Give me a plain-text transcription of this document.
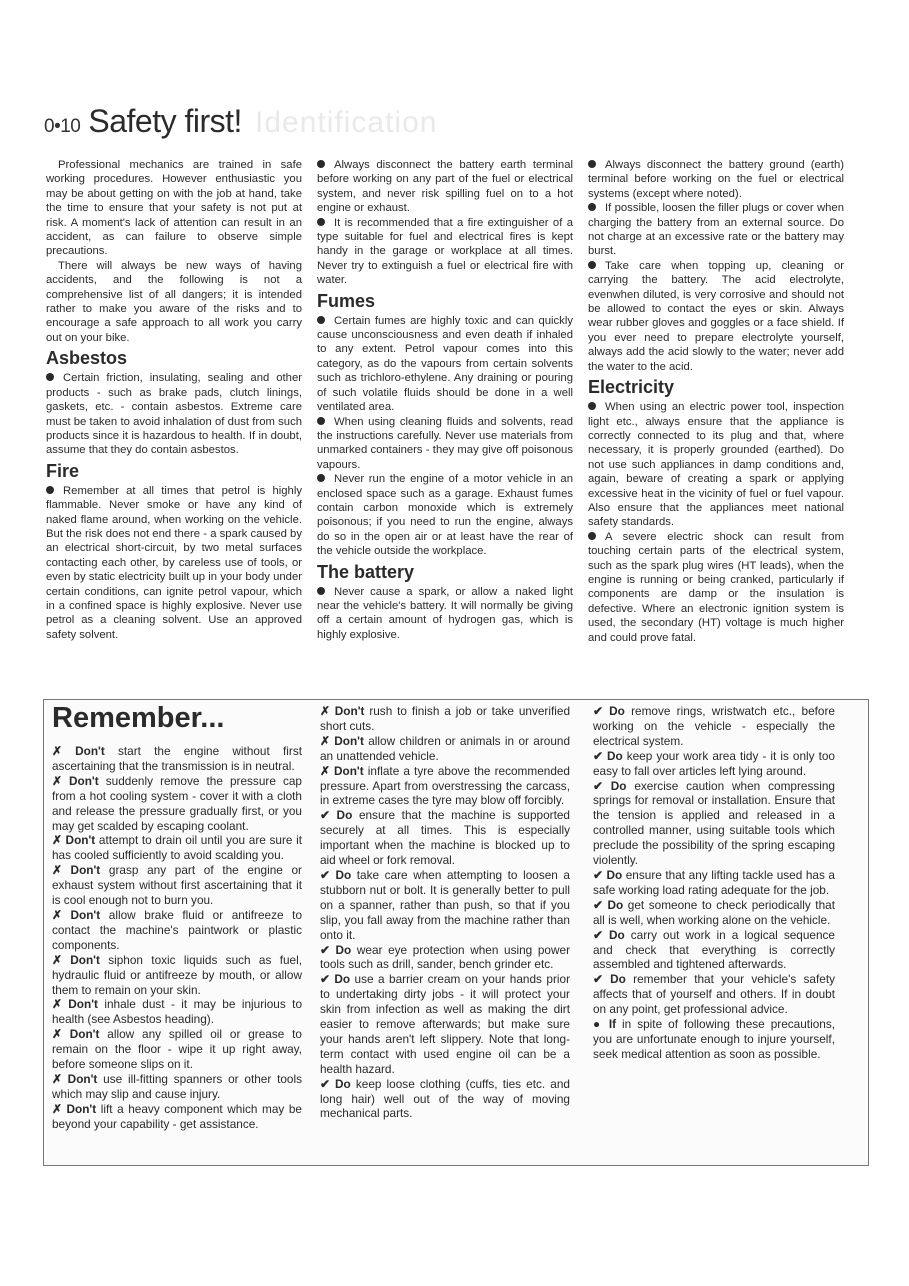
Identification
0•10 Safety first!

Professional mechanics are trained in safe working procedures. However enthusiastic you may be about getting on with the job at hand, take the time to ensure that your safety is not put at risk. A moment's lack of attention can result in an accident, as can failure to observe simple precautions.

There will always be new ways of having accidents, and the following is not a comprehensive list of all dangers; it is intended rather to make you aware of the risks and to encourage a safe approach to all work you carry out on your bike.

Asbestos

Certain friction, insulating, sealing and other products - such as brake pads, clutch linings, gaskets, etc. - contain asbestos. Extreme care must be taken to avoid inhalation of dust from such products since it is hazardous to health. If in doubt, assume that they do contain asbestos.

Fire

Remember at all times that petrol is highly flammable. Never smoke or have any kind of naked flame around, when working on the vehicle. But the risk does not end there - a spark caused by an electrical short-circuit, by two metal surfaces contacting each other, by careless use of tools, or even by static electricity built up in your body under certain conditions, can ignite petrol vapour, which in a confined space is highly explosive. Never use petrol as a cleaning solvent. Use an approved safety solvent.

Always disconnect the battery earth terminal before working on any part of the fuel or electrical system, and never risk spilling fuel on to a hot engine or exhaust.

It is recommended that a fire extinguisher of a type suitable for fuel and electrical fires is kept handy in the garage or workplace at all times. Never try to extinguish a fuel or electrical fire with water.

Fumes

Certain fumes are highly toxic and can quickly cause unconsciousness and even death if inhaled to any extent. Petrol vapour comes into this category, as do the vapours from certain solvents such as trichloro-ethylene. Any draining or pouring of such volatile fluids should be done in a well ventilated area.

When using cleaning fluids and solvents, read the instructions carefully. Never use materials from unmarked containers - they may give off poisonous vapours.

Never run the engine of a motor vehicle in an enclosed space such as a garage. Exhaust fumes contain carbon monoxide which is extremely poisonous; if you need to run the engine, always do so in the open air or at least have the rear of the vehicle outside the workplace.

The battery

Never cause a spark, or allow a naked light near the vehicle's battery. It will normally be giving off a certain amount of hydrogen gas, which is highly explosive.

Always disconnect the battery ground (earth) terminal before working on the fuel or electrical systems (except where noted).

If possible, loosen the filler plugs or cover when charging the battery from an external source. Do not charge at an excessive rate or the battery may burst.

Take care when topping up, cleaning or carrying the battery. The acid electrolyte, evenwhen diluted, is very corrosive and should not be allowed to contact the eyes or skin. Always wear rubber gloves and goggles or a face shield. If you ever need to prepare electrolyte yourself, always add the acid slowly to the water; never add the water to the acid.

Electricity

When using an electric power tool, inspection light etc., always ensure that the appliance is correctly connected to its plug and that, where necessary, it is properly grounded (earthed). Do not use such appliances in damp conditions and, again, beware of creating a spark or applying excessive heat in the vicinity of fuel or fuel vapour. Also ensure that the appliances meet national safety standards.

A severe electric shock can result from touching certain parts of the electrical system, such as the spark plug wires (HT leads), when the engine is running or being cranked, particularly if components are damp or the insulation is defective. Where an electronic ignition system is used, the secondary (HT) voltage is much higher and could prove fatal.

Remember...

✗ Don't start the engine without first ascertaining that the transmission is in neutral.

✗ Don't suddenly remove the pressure cap from a hot cooling system - cover it with a cloth and release the pressure gradually first, or you may get scalded by escaping coolant.

✗ Don't attempt to drain oil until you are sure it has cooled sufficiently to avoid scalding you.

✗ Don't grasp any part of the engine or exhaust system without first ascertaining that it is cool enough not to burn you.

✗ Don't allow brake fluid or antifreeze to contact the machine's paintwork or plastic components.

✗ Don't siphon toxic liquids such as fuel, hydraulic fluid or antifreeze by mouth, or allow them to remain on your skin.

✗ Don't inhale dust - it may be injurious to health (see Asbestos heading).

✗ Don't allow any spilled oil or grease to remain on the floor - wipe it up right away, before someone slips on it.

✗ Don't use ill-fitting spanners or other tools which may slip and cause injury.

✗ Don't lift a heavy component which may be beyond your capability - get assistance.

✗ Don't rush to finish a job or take unverified short cuts.

✗ Don't allow children or animals in or around an unattended vehicle.

✗ Don't inflate a tyre above the recommended pressure. Apart from overstressing the carcass, in extreme cases the tyre may blow off forcibly.

✔ Do ensure that the machine is supported securely at all times. This is especially important when the machine is blocked up to aid wheel or fork removal.

✔ Do take care when attempting to loosen a stubborn nut or bolt. It is generally better to pull on a spanner, rather than push, so that if you slip, you fall away from the machine rather than onto it.

✔ Do wear eye protection when using power tools such as drill, sander, bench grinder etc.

✔ Do use a barrier cream on your hands prior to undertaking dirty jobs - it will protect your skin from infection as well as making the dirt easier to remove afterwards; but make sure your hands aren't left slippery. Note that long-term contact with used engine oil can be a health hazard.

✔ Do keep loose clothing (cuffs, ties etc. and long hair) well out of the way of moving mechanical parts.

✔ Do remove rings, wristwatch etc., before working on the vehicle - especially the electrical system.

✔ Do keep your work area tidy - it is only too easy to fall over articles left lying around.

✔ Do exercise caution when compressing springs for removal or installation. Ensure that the tension is applied and released in a controlled manner, using suitable tools which preclude the possibility of the spring escaping violently.

✔ Do ensure that any lifting tackle used has a safe working load rating adequate for the job.

✔ Do get someone to check periodically that all is well, when working alone on the vehicle.

✔ Do carry out work in a logical sequence and check that everything is correctly assembled and tightened afterwards.

✔ Do remember that your vehicle's safety affects that of yourself and others. If in doubt on any point, get professional advice.

● If in spite of following these precautions, you are unfortunate enough to injure yourself, seek medical attention as soon as possible.
